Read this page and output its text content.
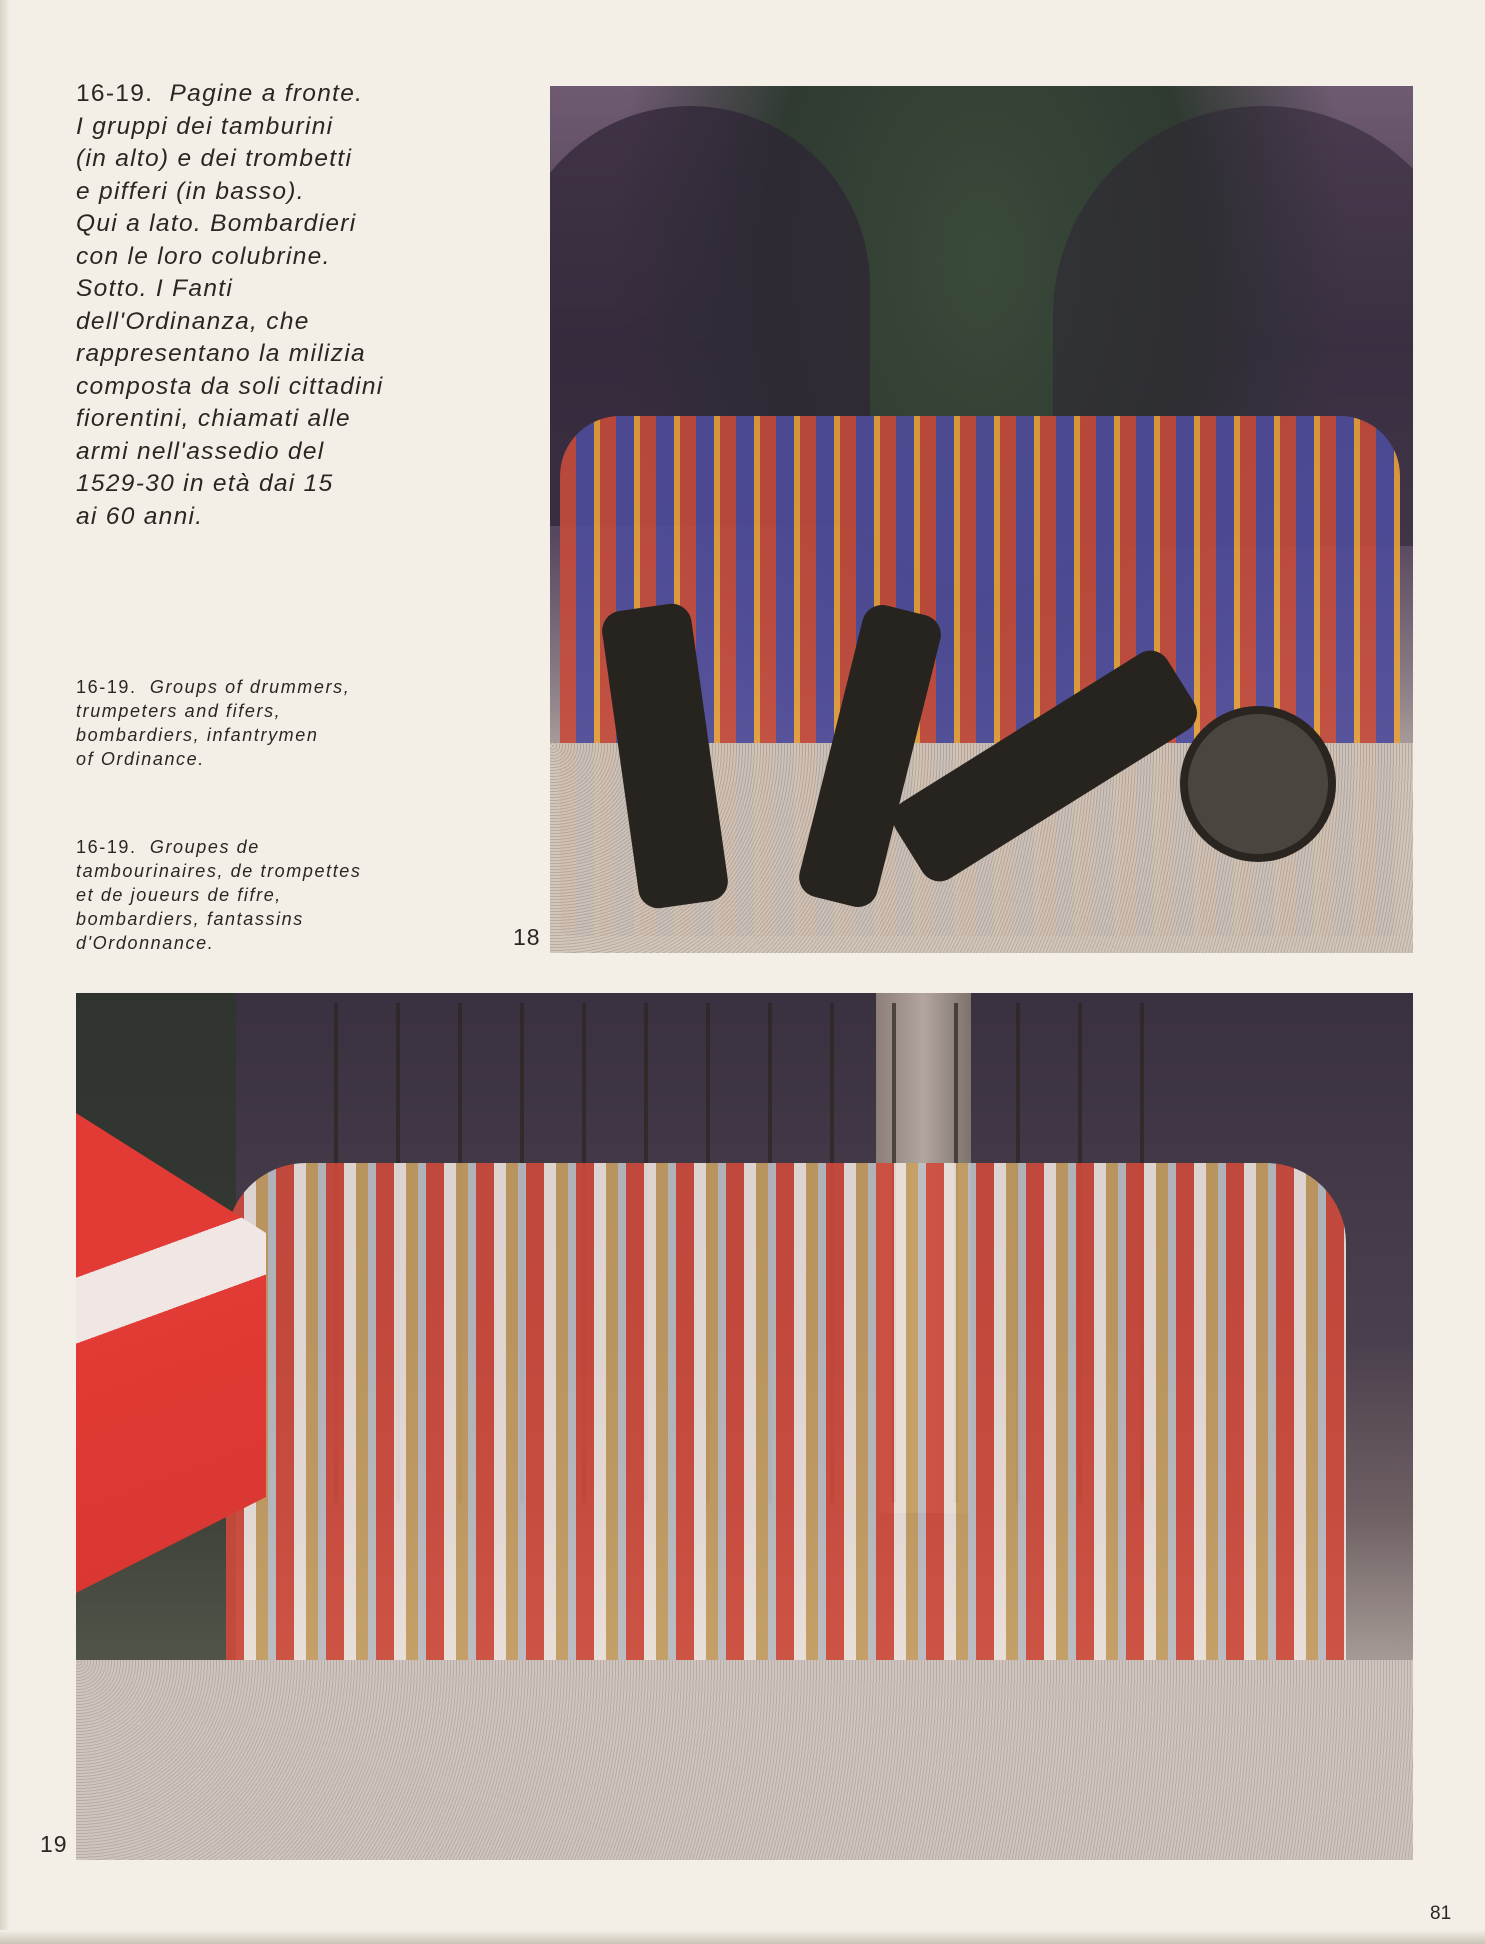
16-19. Pagine a fronte.
I gruppi dei tamburini
(in alto) e dei trombetti
e pifferi (in basso).
Qui a lato. Bombardieri
con le loro colubrine.
Sotto. I Fanti
dell'Ordinanza, che
rappresentano la milizia
composta da soli cittadini
fiorentini, chiamati alle
armi nell'assedio del
1529-30 in età dai 15
ai 60 anni.
16-19. Groups of drummers,
trumpeters and fifers,
bombardiers, infantrymen
of Ordinance.
16-19. Groupes de
tambourinaires, de trompettes
et de joueurs de fifre,
bombardiers, fantassins
d'Ordonnance.	18
19
81
